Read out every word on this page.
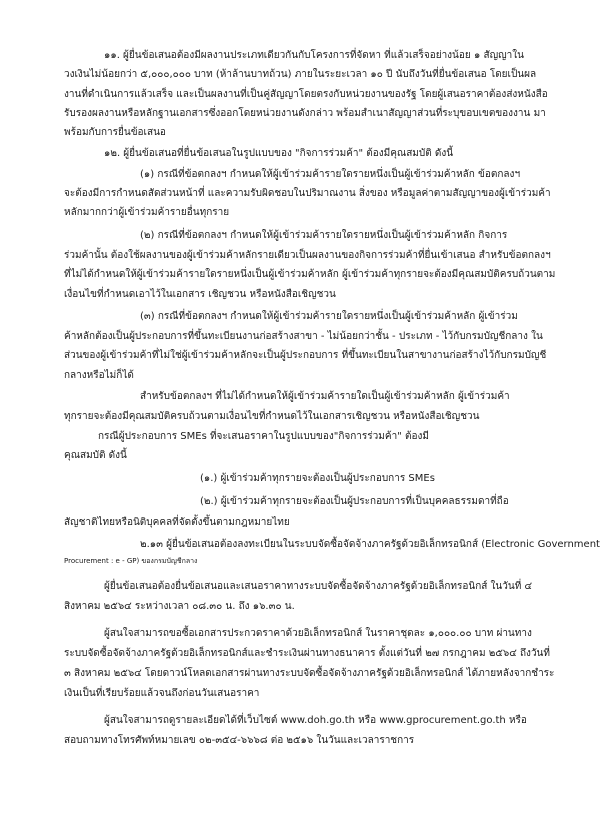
๑๑. ผู้ยื่นข้อเสนอต้องมีผลงานประเภทเดียวกันกับโครงการที่จัดหา ที่แล้วเสร็จอย่างน้อย ๑ สัญญาใน

วงเงินไม่น้อยกว่า ๕,๐๐๐,๐๐๐ บาท (ห้าล้านบาทถ้วน) ภายในระยะเวลา ๑๐ ปี นับถึงวันที่ยื่นข้อเสนอ โดยเป็นผล

งานที่ดำเนินการแล้วเสร็จ และเป็นผลงานที่เป็นคู่สัญญาโดยตรงกับหน่วยงานของรัฐ โดยผู้เสนอราคาต้องส่งหนังสือ

รับรองผลงานหรือหลักฐานเอกสารซึ่งออกโดยหน่วยงานดังกล่าว พร้อมสำเนาสัญญาส่วนที่ระบุขอบเขตของงาน มา

พร้อมกับการยื่นข้อเสนอ

๑๒. ผู้ยื่นข้อเสนอที่ยื่นข้อเสนอในรูปแบบของ "กิจการร่วมค้า" ต้องมีคุณสมบัติ ดังนี้

(๑) กรณีที่ข้อตกลงฯ กำหนดให้ผู้เข้าร่วมค้ารายใดรายหนึ่งเป็นผู้เข้าร่วมค้าหลัก ข้อตกลงฯ

จะต้องมีการกำหนดสัดส่วนหน้าที่ และความรับผิดชอบในปริมาณงาน สิ่งของ หรือมูลค่าตามสัญญาของผู้เข้าร่วมค้า

หลักมากกว่าผู้เข้าร่วมค้ารายอื่นทุกราย

(๒) กรณีที่ข้อตกลงฯ กำหนดให้ผู้เข้าร่วมค้ารายใดรายหนึ่งเป็นผู้เข้าร่วมค้าหลัก กิจการ

ร่วมค้านั้น ต้องใช้ผลงานของผู้เข้าร่วมค้าหลักรายเดียวเป็นผลงานของกิจการร่วมค้าที่ยื่นเข้าเสนอ สำหรับข้อตกลงฯ

ที่ไม่ได้กำหนดให้ผู้เข้าร่วมค้ารายใดรายหนึ่งเป็นผู้เข้าร่วมค้าหลัก ผู้เข้าร่วมค้าทุกรายจะต้องมีคุณสมบัติครบถ้วนตาม

เงื่อนไขที่กำหนดเอาไว้ในเอกสาร เชิญชวน หรือหนังสือเชิญชวน

(๓) กรณีที่ข้อตกลงฯ กำหนดให้ผู้เข้าร่วมค้ารายใดรายหนึ่งเป็นผู้เข้าร่วมค้าหลัก ผู้เข้าร่วม

ค้าหลักต้องเป็นผู้ประกอบการที่ขึ้นทะเบียนงานก่อสร้างสาขา - ไม่น้อยกว่าชั้น - ประเภท - ไว้กับกรมบัญชีกลาง ใน

ส่วนของผู้เข้าร่วมค้าที่ไม่ใช่ผู้เข้าร่วมค้าหลักจะเป็นผู้ประกอบการ ที่ขึ้นทะเบียนในสาขางานก่อสร้างไว้กับกรมบัญชี

กลางหรือไม่ก็ได้

สำหรับข้อตกลงฯ ที่ไม่ได้กำหนดให้ผู้เข้าร่วมค้ารายใดเป็นผู้เข้าร่วมค้าหลัก ผู้เข้าร่วมค้า

ทุกรายจะต้องมีคุณสมบัติครบถ้วนตามเงื่อนไขที่กำหนดไว้ในเอกสารเชิญชวน หรือหนังสือเชิญชวน

กรณีผู้ประกอบการ SMEs ที่จะเสนอราคาในรูปแบบของ"กิจการร่วมค้า" ต้องมี

คุณสมบัติ ดังนี้

(๑.) ผู้เข้าร่วมค้าทุกรายจะต้องเป็นผู้ประกอบการ SMEs

(๒.) ผู้เข้าร่วมค้าทุกรายจะต้องเป็นผู้ประกอบการที่เป็นบุคคลธรรมดาที่ถือ

สัญชาติไทยหรือนิติบุคคลที่จัดตั้งขึ้นตามกฎหมายไทย

๒.๑๓ ผู้ยื่นข้อเสนอต้องลงทะเบียนในระบบจัดซื้อจัดจ้างภาครัฐด้วยอิเล็กทรอนิกส์ (Electronic Government

Procurement : e - GP) ของกรมบัญชีกลาง

ผู้ยื่นข้อเสนอต้องยื่นข้อเสนอและเสนอราคาทางระบบจัดซื้อจัดจ้างภาครัฐด้วยอิเล็กทรอนิกส์ ในวันที่ ๔

สิงหาคม ๒๕๖๔ ระหว่างเวลา ๐๘.๓๐ น. ถึง ๑๖.๓๐ น.

ผู้สนใจสามารถขอซื้อเอกสารประกวดราคาด้วยอิเล็กทรอนิกส์ ในราคาชุดละ ๑,๐๐๐.๐๐ บาท ผ่านทาง

ระบบจัดซื้อจัดจ้างภาครัฐด้วยอิเล็กทรอนิกส์และชำระเงินผ่านทางธนาคาร ตั้งแต่วันที่ ๒๗ กรกฎาคม ๒๕๖๔ ถึงวันที่

๓ สิงหาคม ๒๕๖๔ โดยดาวน์โหลดเอกสารผ่านทางระบบจัดซื้อจัดจ้างภาครัฐด้วยอิเล็กทรอนิกส์ ได้ภายหลังจากชำระ

เงินเป็นที่เรียบร้อยแล้วจนถึงก่อนวันเสนอราคา

ผู้สนใจสามารถดูรายละเอียดได้ที่เว็บไซต์ www.doh.go.th หรือ www.gprocurement.go.th หรือ

สอบถามทางโทรศัพท์หมายเลข ๐๒-๓๕๔-๖๖๖๘ ต่อ ๒๕๑๖ ในวันและเวลาราชการ
